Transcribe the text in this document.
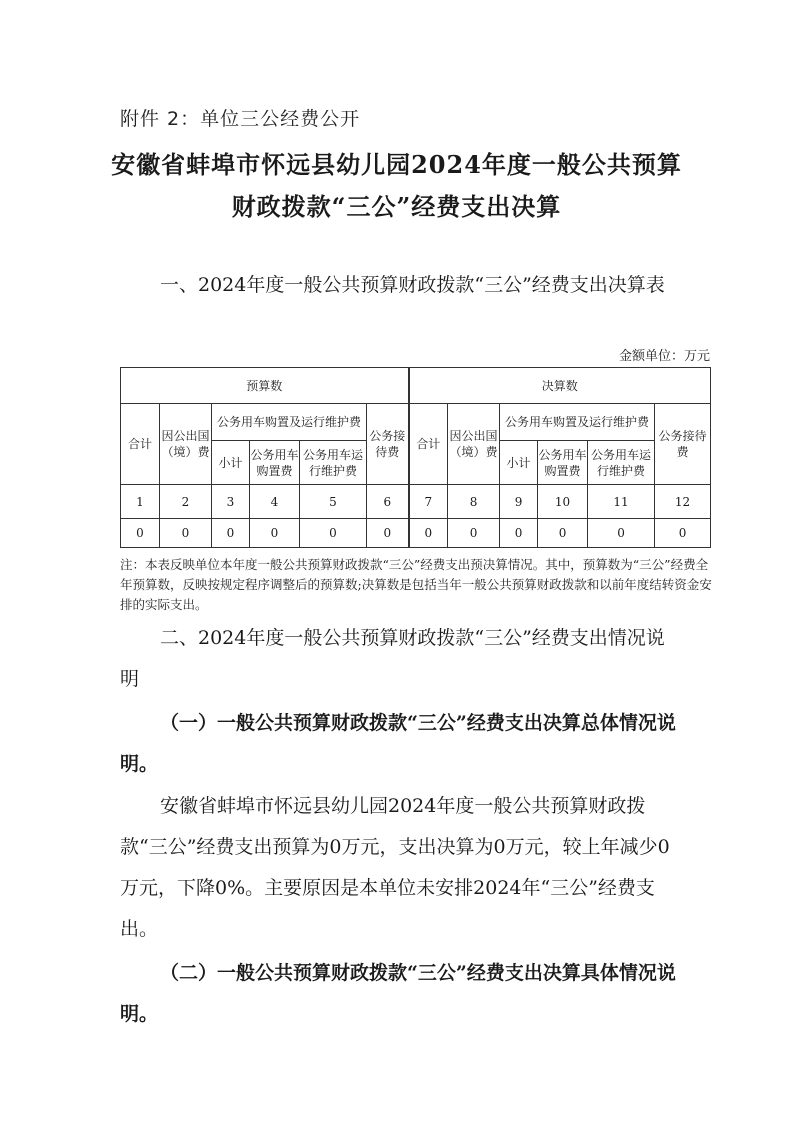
附件 2：单位三公经费公开
安徽省蚌埠市怀远县幼儿园2024年度一般公共预算
财政拨款“三公”经费支出决算
一、2024年度一般公共预算财政拨款“三公”经费支出决算表
金额单位：万元
预算数						决算数					
合计	因公出国（境）费	公务用车购置及运行维护费			公务接待费	合计	因公出国（境）费	公务用车购置及运行维护费			公务接待费
		小计	公务用车购置费	公务用车运行维护费				小计	公务用车购置费	公务用车运行维护费	
1	2	3	4	5	6	7	8	9	10	11	12
0	0	0	0	0	0	0	0	0	0	0	0
注：本表反映单位本年度一般公共预算财政拨款“三公”经费支出预决算情况。其中，预算数为“三公”经费全年预算数，反映按规定程序调整后的预算数;决算数是包括当年一般公共预算财政拨款和以前年度结转资金安排的实际支出。
二、2024年度一般公共预算财政拨款“三公”经费支出情况说明
（一）一般公共预算财政拨款“三公”经费支出决算总体情况说明。
安徽省蚌埠市怀远县幼儿园2024年度一般公共预算财政拨款“三公”经费支出预算为0万元，支出决算为0万元，较上年减少0万元，下降0%。主要原因是本单位未安排2024年“三公”经费支出。
（二）一般公共预算财政拨款“三公”经费支出决算具体情况说明。
